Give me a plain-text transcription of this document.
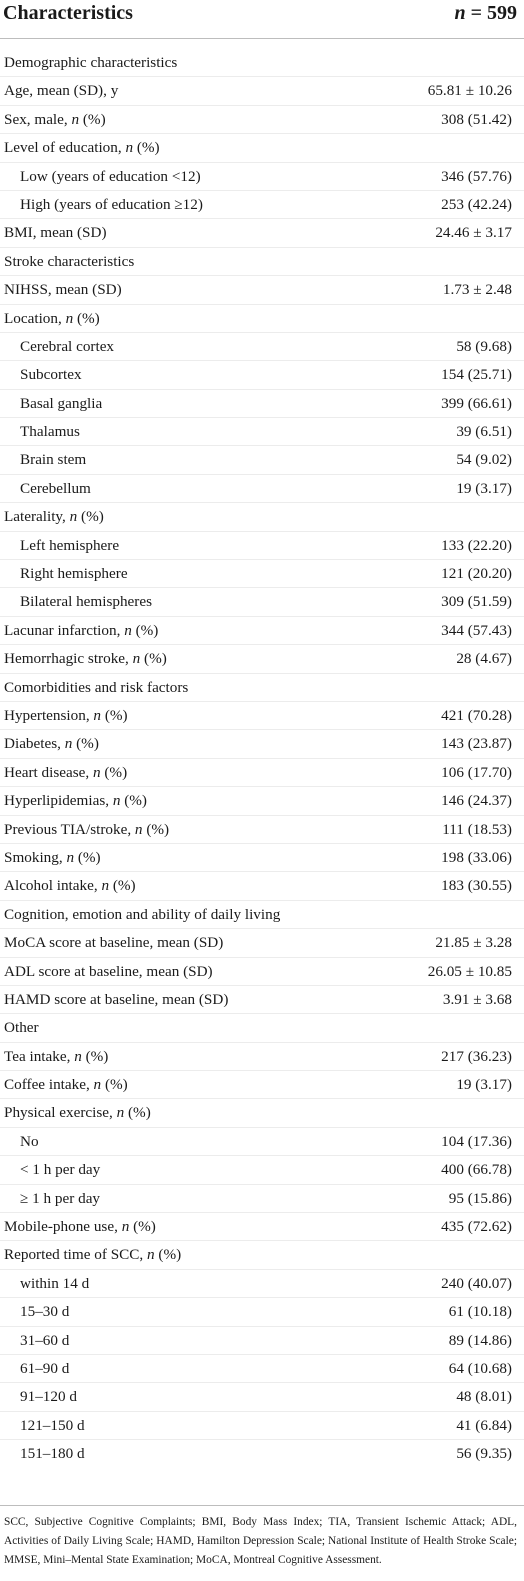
Characteristics	n = 599
Demographic characteristics
Age, mean (SD), y	65.81 ± 10.26
Sex, male, n (%)	308 (51.42)
Level of education, n (%)
Low (years of education <12)	346 (57.76)
High (years of education ≥12)	253 (42.24)
BMI, mean (SD)	24.46 ± 3.17
Stroke characteristics
NIHSS, mean (SD)	1.73 ± 2.48
Location, n (%)
Cerebral cortex	58 (9.68)
Subcortex	154 (25.71)
Basal ganglia	399 (66.61)
Thalamus	39 (6.51)
Brain stem	54 (9.02)
Cerebellum	19 (3.17)
Laterality, n (%)
Left hemisphere	133 (22.20)
Right hemisphere	121 (20.20)
Bilateral hemispheres	309 (51.59)
Lacunar infarction, n (%)	344 (57.43)
Hemorrhagic stroke, n (%)	28 (4.67)
Comorbidities and risk factors
Hypertension, n (%)	421 (70.28)
Diabetes, n (%)	143 (23.87)
Heart disease, n (%)	106 (17.70)
Hyperlipidemias, n (%)	146 (24.37)
Previous TIA/stroke, n (%)	111 (18.53)
Smoking, n (%)	198 (33.06)
Alcohol intake, n (%)	183 (30.55)
Cognition, emotion and ability of daily living
MoCA score at baseline, mean (SD)	21.85 ± 3.28
ADL score at baseline, mean (SD)	26.05 ± 10.85
HAMD score at baseline, mean (SD)	3.91 ± 3.68
Other
Tea intake, n (%)	217 (36.23)
Coffee intake, n (%)	19 (3.17)
Physical exercise, n (%)
No	104 (17.36)
< 1 h per day	400 (66.78)
≥ 1 h per day	95 (15.86)
Mobile-phone use, n (%)	435 (72.62)
Reported time of SCC, n (%)
within 14 d	240 (40.07)
15–30 d	61 (10.18)
31–60 d	89 (14.86)
61–90 d	64 (10.68)
91–120 d	48 (8.01)
121–150 d	41 (6.84)
151–180 d	56 (9.35)
SCC, Subjective Cognitive Complaints; BMI, Body Mass Index; TIA, Transient Ischemic Attack; ADL, Activities of Daily Living Scale; HAMD, Hamilton Depression Scale; National Institute of Health Stroke Scale; MMSE, Mini–Mental State Examination; MoCA, Montreal Cognitive Assessment.
